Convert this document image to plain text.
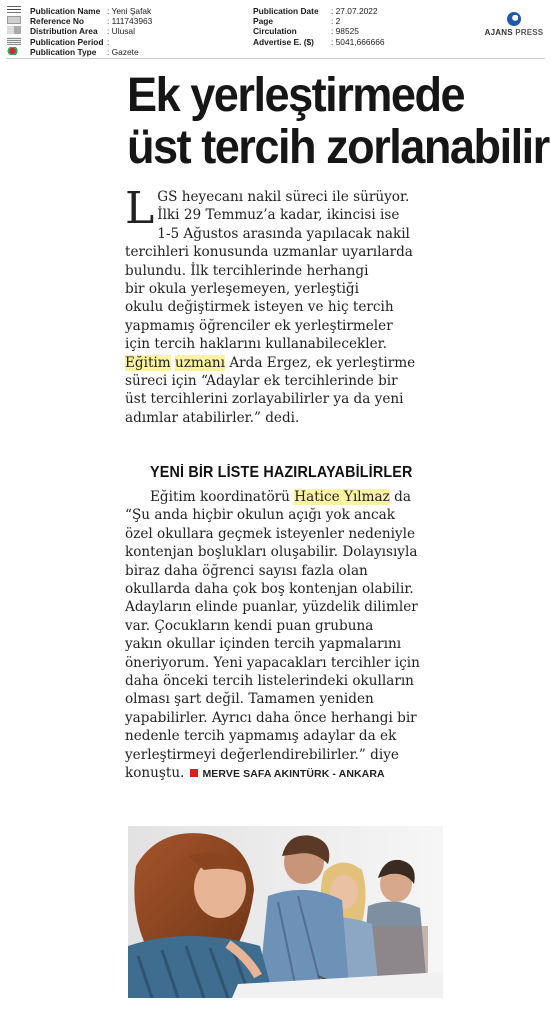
Publication Name : Yeni Şafak
Reference No	: 111743963
Distribution Area	: Ulusal
Publication Period :
Publication Type	: Gazete
Publication Date	: 27.07.2022
Page	: 2
Circulation	: 98525
Advertise E. ($)	: 5041,666666
AJANS PRESS
Ek yerleştirmede
üst tercih zorlanabilir
L GS heyecanı nakil süreci ile sürüyor.
İlki 29 Temmuz’a kadar, ikincisi ise
1-5 Ağustos arasında yapılacak nakil
tercihleri konusunda uzmanlar uyarılarda
bulundu. İlk tercihlerinde herhangi
bir okula yerleşemeyen, yerleştiği
okulu değiştirmek isteyen ve hiç tercih
yapmamış öğrenciler ek yerleştirmeler
için tercih haklarını kullanabilecekler.
Eğitim uzmanı Arda Ergez, ek yerleştirme
süreci için “Adaylar ek tercihlerinde bir
üst tercihlerini zorlayabilirler ya da yeni
adımlar atabilirler.” dedi.
YENİ BİR LİSTE HAZIRLAYABİLİRLER
Eğitim koordinatörü Hatice Yılmaz da
“Şu anda hiçbir okulun açığı yok ancak
özel okullara geçmek isteyenler nedeniyle
kontenjan boşlukları oluşabilir. Dolayısıyla
biraz daha öğrenci sayısı fazla olan
okullarda daha çok boş kontenjan olabilir.
Adayların elinde puanlar, yüzdelik dilimler
var. Çocukların kendi puan grubuna
yakın okullar içinden tercih yapmalarını
öneriyorum. Yeni yapacakları tercihler için
daha önceki tercih listelerindeki okulların
olması şart değil. Tamamen yeniden
yapabilirler. Ayrıcı daha önce herhangi bir
nedenle tercih yapmamış adaylar da ek
yerleştirmeyi değerlendirebilirler.” diye
konuştu. MERVE SAFA AKINTÜRK - ANKARA
